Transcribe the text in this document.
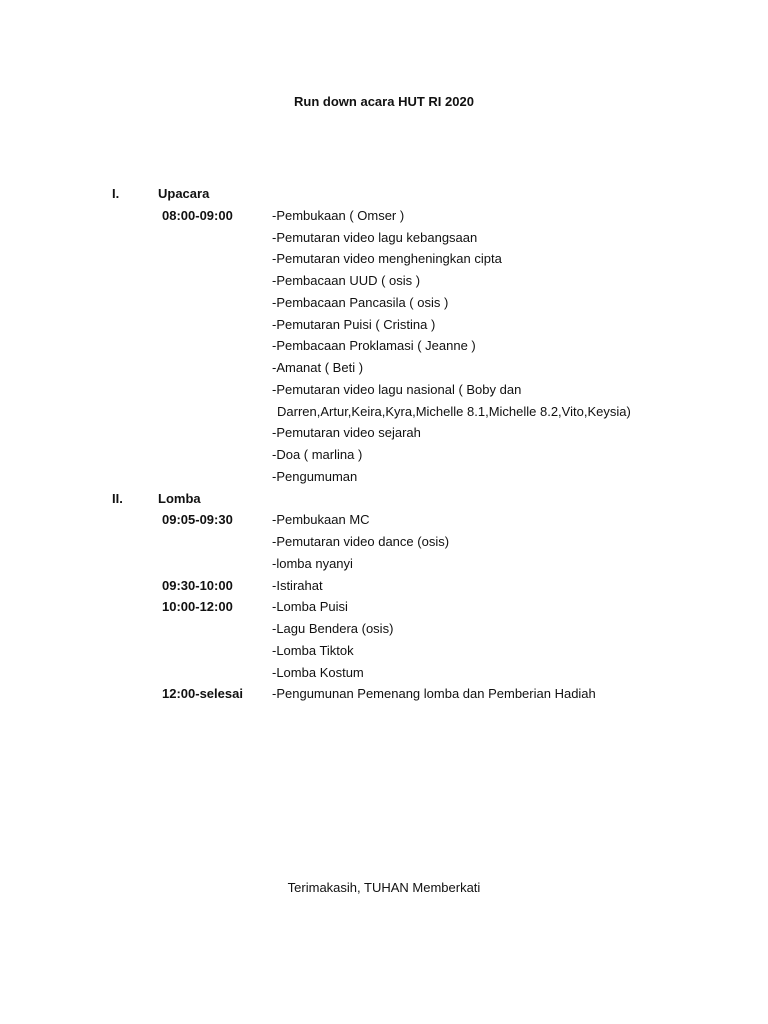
Run down acara HUT RI 2020
I.	Upacara
08:00-09:00	-Pembukaan ( Omser )
-Pemutaran video lagu kebangsaan
-Pemutaran video mengheningkan cipta
-Pembacaan UUD ( osis )
-Pembacaan Pancasila ( osis )
-Pemutaran Puisi ( Cristina )
-Pembacaan Proklamasi ( Jeanne )
-Amanat ( Beti )
-Pemutaran video lagu nasional ( Boby dan
Darren,Artur,Keira,Kyra,Michelle 8.1,Michelle 8.2,Vito,Keysia)
-Pemutaran video sejarah
-Doa ( marlina )
-Pengumuman
II.	Lomba
09:05-09:30	-Pembukaan MC
-Pemutaran video dance (osis)
-lomba nyanyi
09:30-10:00	-Istirahat
10:00-12:00	-Lomba Puisi
-Lagu Bendera (osis)
-Lomba Tiktok
-Lomba Kostum
12:00-selesai -Pengumunan Pemenang lomba dan Pemberian Hadiah
Terimakasih, TUHAN Memberkati
